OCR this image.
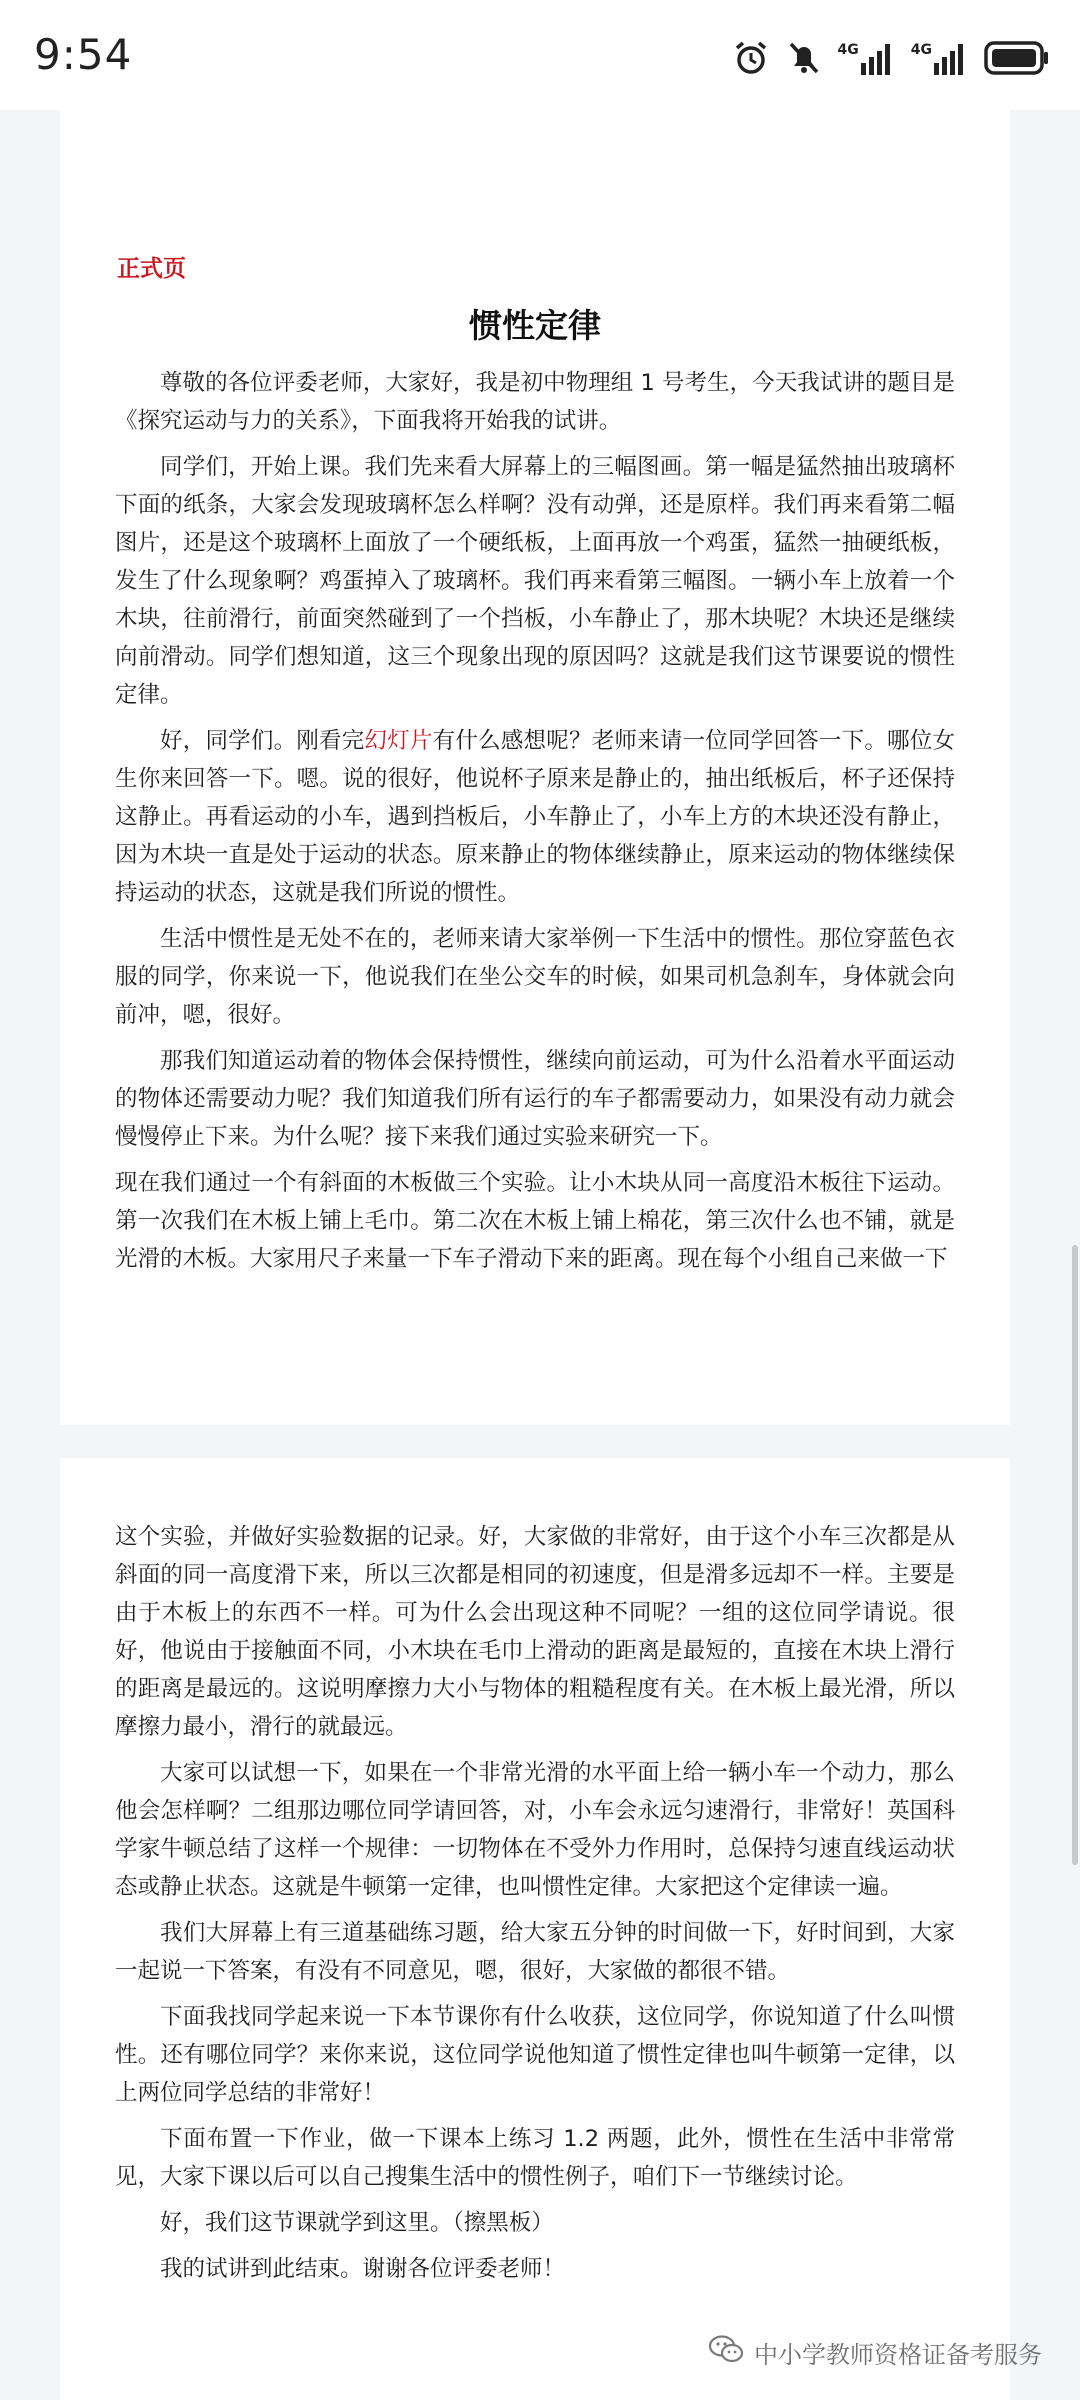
9:54	4G	4G
正式页
惯性定律

尊敬的各位评委老师，大家好，我是初中物理组 1 号考生，今天我试讲的题目是《探究运动与力的关系》，下面我将开始我的试讲。

同学们，开始上课。我们先来看大屏幕上的三幅图画。第一幅是猛然抽出玻璃杯下面的纸条，大家会发现玻璃杯怎么样啊？没有动弹，还是原样。我们再来看第二幅图片，还是这个玻璃杯上面放了一个硬纸板，上面再放一个鸡蛋，猛然一抽硬纸板，发生了什么现象啊？鸡蛋掉入了玻璃杯。我们再来看第三幅图。一辆小车上放着一个木块，往前滑行，前面突然碰到了一个挡板，小车静止了，那木块呢？木块还是继续向前滑动。同学们想知道，这三个现象出现的原因吗？这就是我们这节课要说的惯性定律。

好，同学们。刚看完幻灯片有什么感想呢？老师来请一位同学回答一下。哪位女生你来回答一下。嗯。说的很好，他说杯子原来是静止的，抽出纸板后，杯子还保持这静止。再看运动的小车，遇到挡板后，小车静止了，小车上方的木块还没有静止，因为木块一直是处于运动的状态。原来静止的物体继续静止，原来运动的物体继续保持运动的状态，这就是我们所说的惯性。

生活中惯性是无处不在的，老师来请大家举例一下生活中的惯性。那位穿蓝色衣服的同学，你来说一下，他说我们在坐公交车的时候，如果司机急刹车，身体就会向前冲，嗯，很好。

那我们知道运动着的物体会保持惯性，继续向前运动，可为什么沿着水平面运动的物体还需要动力呢？我们知道我们所有运行的车子都需要动力，如果没有动力就会慢慢停止下来。为什么呢？接下来我们通过实验来研究一下。

现在我们通过一个有斜面的木板做三个实验。让小木块从同一高度沿木板往下运动。第一次我们在木板上铺上毛巾。第二次在木板上铺上棉花，第三次什么也不铺，就是光滑的木板。大家用尺子来量一下车子滑动下来的距离。现在每个小组自己来做一下

这个实验，并做好实验数据的记录。好，大家做的非常好，由于这个小车三次都是从斜面的同一高度滑下来，所以三次都是相同的初速度，但是滑多远却不一样。主要是由于木板上的东西不一样。可为什么会出现这种不同呢？一组的这位同学请说。很好，他说由于接触面不同，小木块在毛巾上滑动的距离是最短的，直接在木块上滑行的距离是最远的。这说明摩擦力大小与物体的粗糙程度有关。在木板上最光滑，所以摩擦力最小，滑行的就最远。

大家可以试想一下，如果在一个非常光滑的水平面上给一辆小车一个动力，那么他会怎样啊？二组那边哪位同学请回答，对，小车会永远匀速滑行，非常好！英国科学家牛顿总结了这样一个规律：一切物体在不受外力作用时，总保持匀速直线运动状态或静止状态。这就是牛顿第一定律，也叫惯性定律。大家把这个定律读一遍。

我们大屏幕上有三道基础练习题，给大家五分钟的时间做一下，好时间到，大家一起说一下答案，有没有不同意见，嗯，很好，大家做的都很不错。

下面我找同学起来说一下本节课你有什么收获，这位同学，你说知道了什么叫惯性。还有哪位同学？来你来说，这位同学说他知道了惯性定律也叫牛顿第一定律，以上两位同学总结的非常好！

下面布置一下作业，做一下课本上练习 1.2 两题，此外，惯性在生活中非常常见，大家下课以后可以自己搜集生活中的惯性例子，咱们下一节继续讨论。

好，我们这节课就学到这里。（擦黑板）

我的试讲到此结束。谢谢各位评委老师！

中小学教师资格证备考服务
